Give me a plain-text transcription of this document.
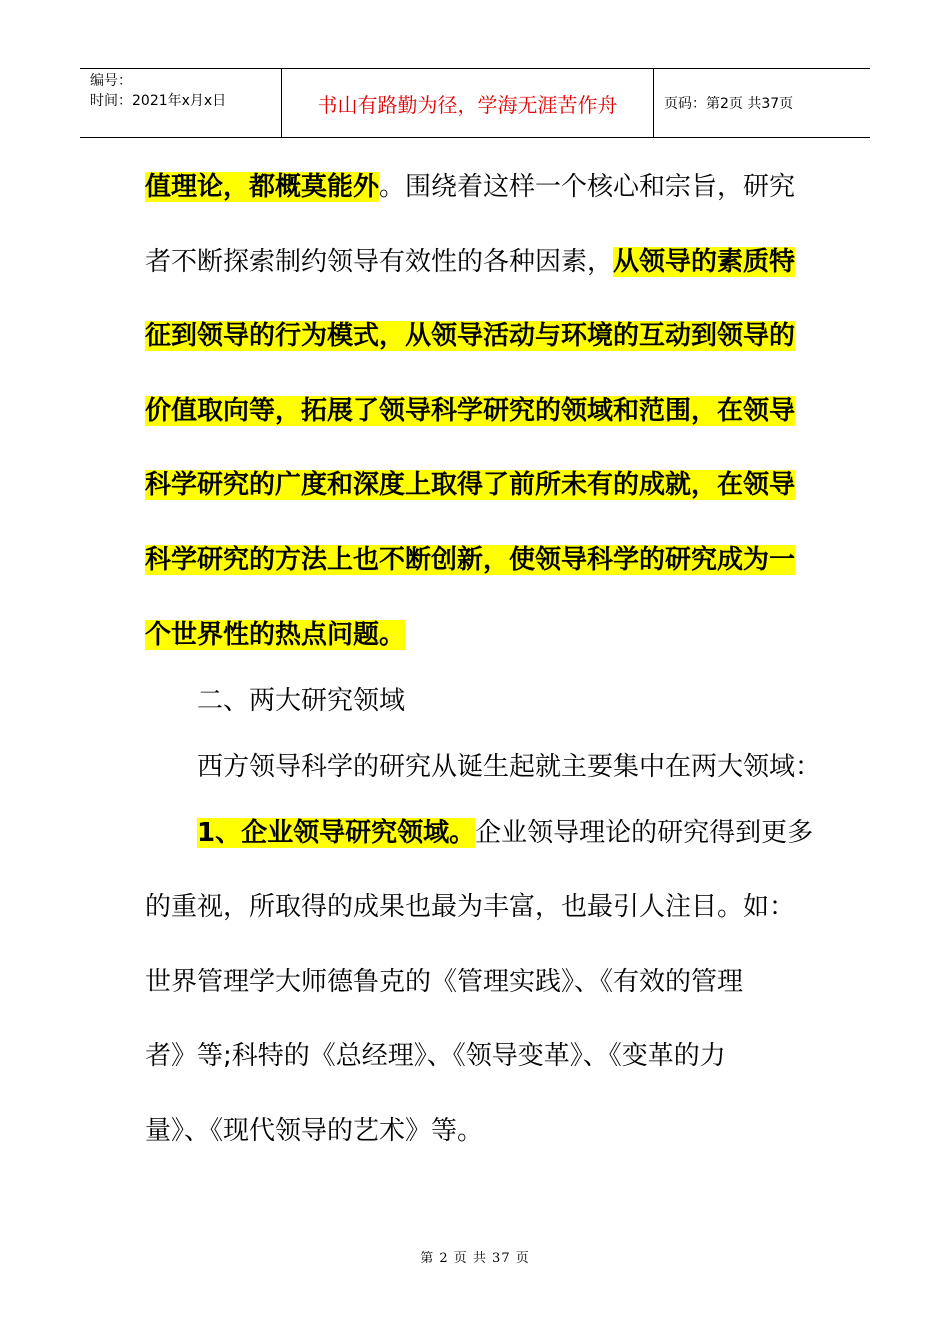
编号：
时间：2021年x月x日	书山有路勤为径，学海无涯苦作舟	页码：第2页 共37页
值理论，都概莫能外。围绕着这样一个核心和宗旨，研究
者不断探索制约领导有效性的各种因素，从领导的素质特
征到领导的行为模式，从领导活动与环境的互动到领导的
价值取向等，拓展了领导科学研究的领域和范围，在领导
科学研究的广度和深度上取得了前所未有的成就，在领导
科学研究的方法上也不断创新，使领导科学的研究成为一
个世界性的热点问题。
二、两大研究领域
西方领导科学的研究从诞生起就主要集中在两大领域：
1、企业领导研究领域。企业领导理论的研究得到更多
的重视，所取得的成果也最为丰富，也最引人注目。如：
世界管理学大师德鲁克的《管理实践》、《有效的管理
者》等;科特的《总经理》、《领导变革》、《变革的力
量》、《现代领导的艺术》等。
第 2 页 共 37 页
